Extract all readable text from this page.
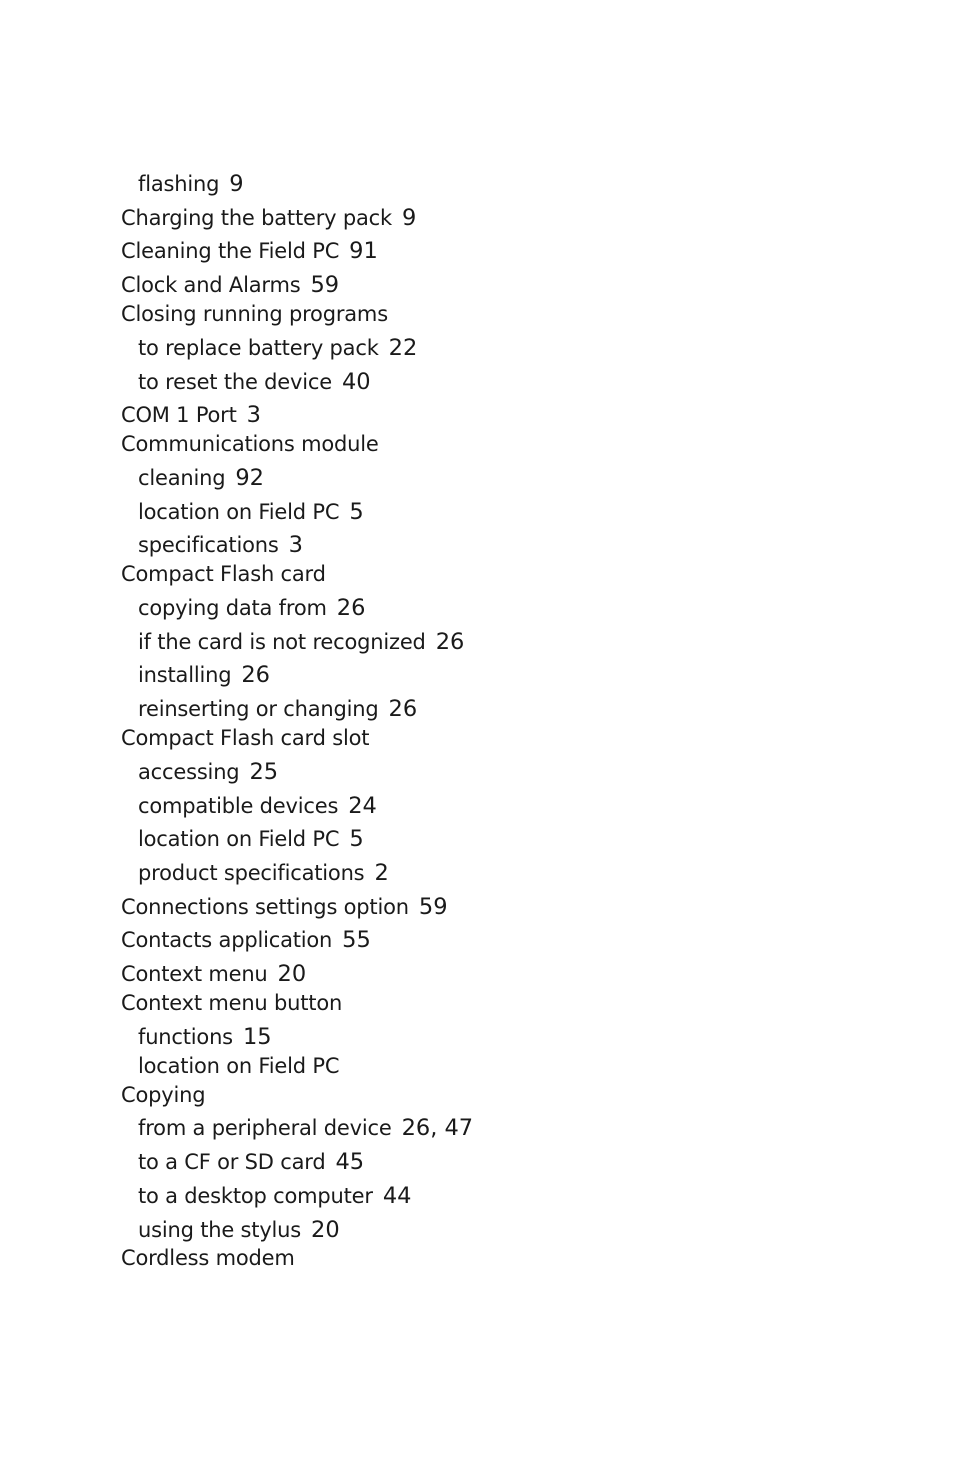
flashing 9
Charging the battery pack 9
Cleaning the Field PC 91
Clock and Alarms 59
Closing running programs
to replace battery pack 22
to reset the device 40
COM 1 Port 3
Communications module
cleaning 92
location on Field PC 5
specifications 3
Compact Flash card
copying data from 26
if the card is not recognized 26
installing 26
reinserting or changing 26
Compact Flash card slot
accessing 25
compatible devices 24
location on Field PC 5
product specifications 2
Connections settings option 59
Contacts application 55
Context menu 20
Context menu button
functions 15
location on Field PC
Copying
from a peripheral device 26, 47
to a CF or SD card 45
to a desktop computer 44
using the stylus 20
Cordless modem
